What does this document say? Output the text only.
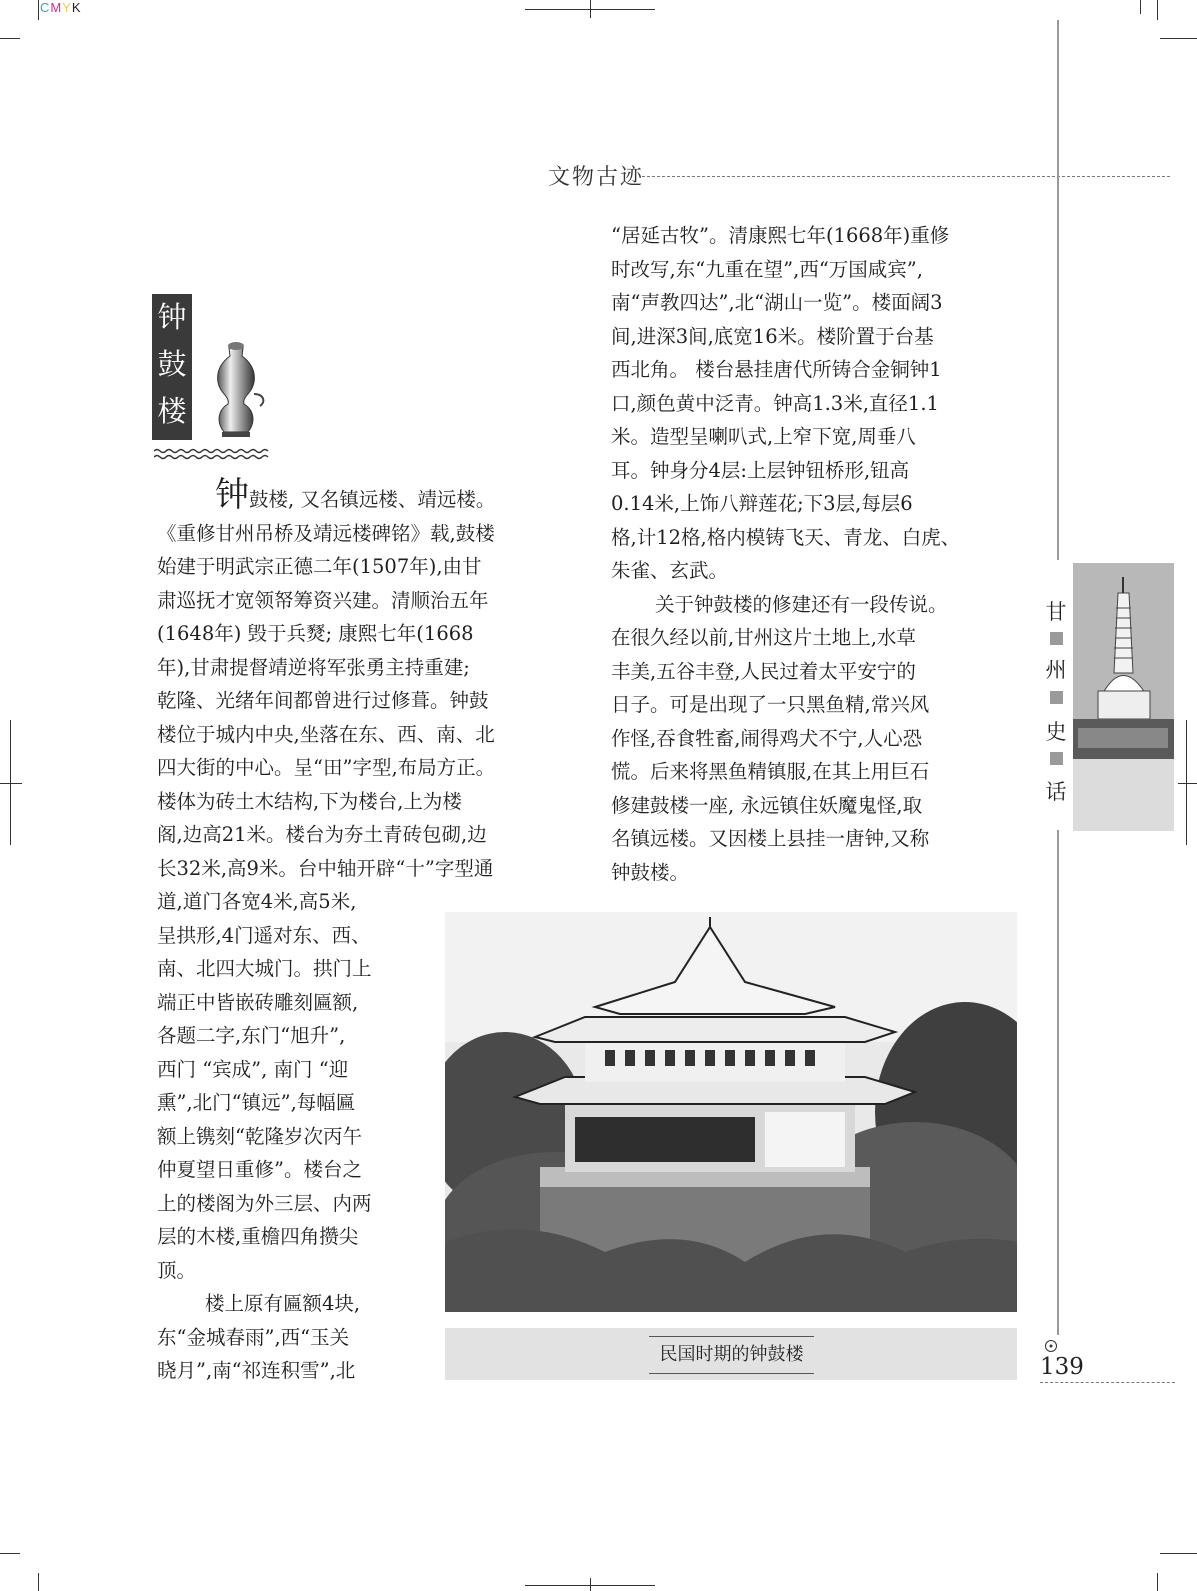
CMYK
文物古迹
钟
鼓
楼
钟鼓楼, 又名镇远楼、靖远楼。
《重修甘州吊桥及靖远楼碑铭》载,鼓楼
始建于明武宗正德二年(1507年),由甘
肃巡抚才宽领帑筹资兴建。清顺治五年
(1648年) 毁于兵燹; 康熙七年(1668
年),甘肃提督靖逆将军张勇主持重建;
乾隆、光绪年间都曾进行过修葺。钟鼓
楼位于城内中央,坐落在东、西、南、北
四大街的中心。呈“田”字型,布局方正。
楼体为砖土木结构,下为楼台,上为楼
阁,边高21米。楼台为夯土青砖包砌,边
长32米,高9米。台中轴开辟“十”字型通
道,道门各宽4米,高5米,
呈拱形,4门遥对东、西、
南、北四大城门。拱门上
端正中皆嵌砖雕刻匾额,
各题二字,东门“旭升”,
西门 “宾成”, 南门 “迎
熏”,北门“镇远”,每幅匾
额上镌刻“乾隆岁次丙午
仲夏望日重修”。楼台之
上的楼阁为外三层、内两
层的木楼,重檐四角攒尖
顶。
楼上原有匾额4块,
东“金城春雨”,西“玉关
晓月”,南“祁连积雪”,北
“居延古牧”。清康熙七年(1668年)重修
时改写,东“九重在望”,西“万国咸宾”,
南“声教四达”,北“湖山一览”。楼面阔3
间,进深3间,底宽16米。楼阶置于台基
西北角。 楼台悬挂唐代所铸合金铜钟1
口,颜色黄中泛青。钟高1.3米,直径1.1
米。造型呈喇叭式,上窄下宽,周垂八
耳。钟身分4层:上层钟钮桥形,钮高
0.14米,上饰八辩莲花;下3层,每层6
格,计12格,格内模铸飞天、青龙、白虎、
朱雀、玄武。
关于钟鼓楼的修建还有一段传说。
在很久经以前,甘州这片土地上,水草
丰美,五谷丰登,人民过着太平安宁的
日子。可是出现了一只黑鱼精,常兴风
作怪,吞食牲畜,闹得鸡犬不宁,人心恐
慌。后来将黑鱼精镇服,在其上用巨石
修建鼓楼一座, 永远镇住妖魔鬼怪,取
名镇远楼。又因楼上县挂一唐钟,又称
钟鼓楼。
民国时期的钟鼓楼
甘
州
史
话
139
